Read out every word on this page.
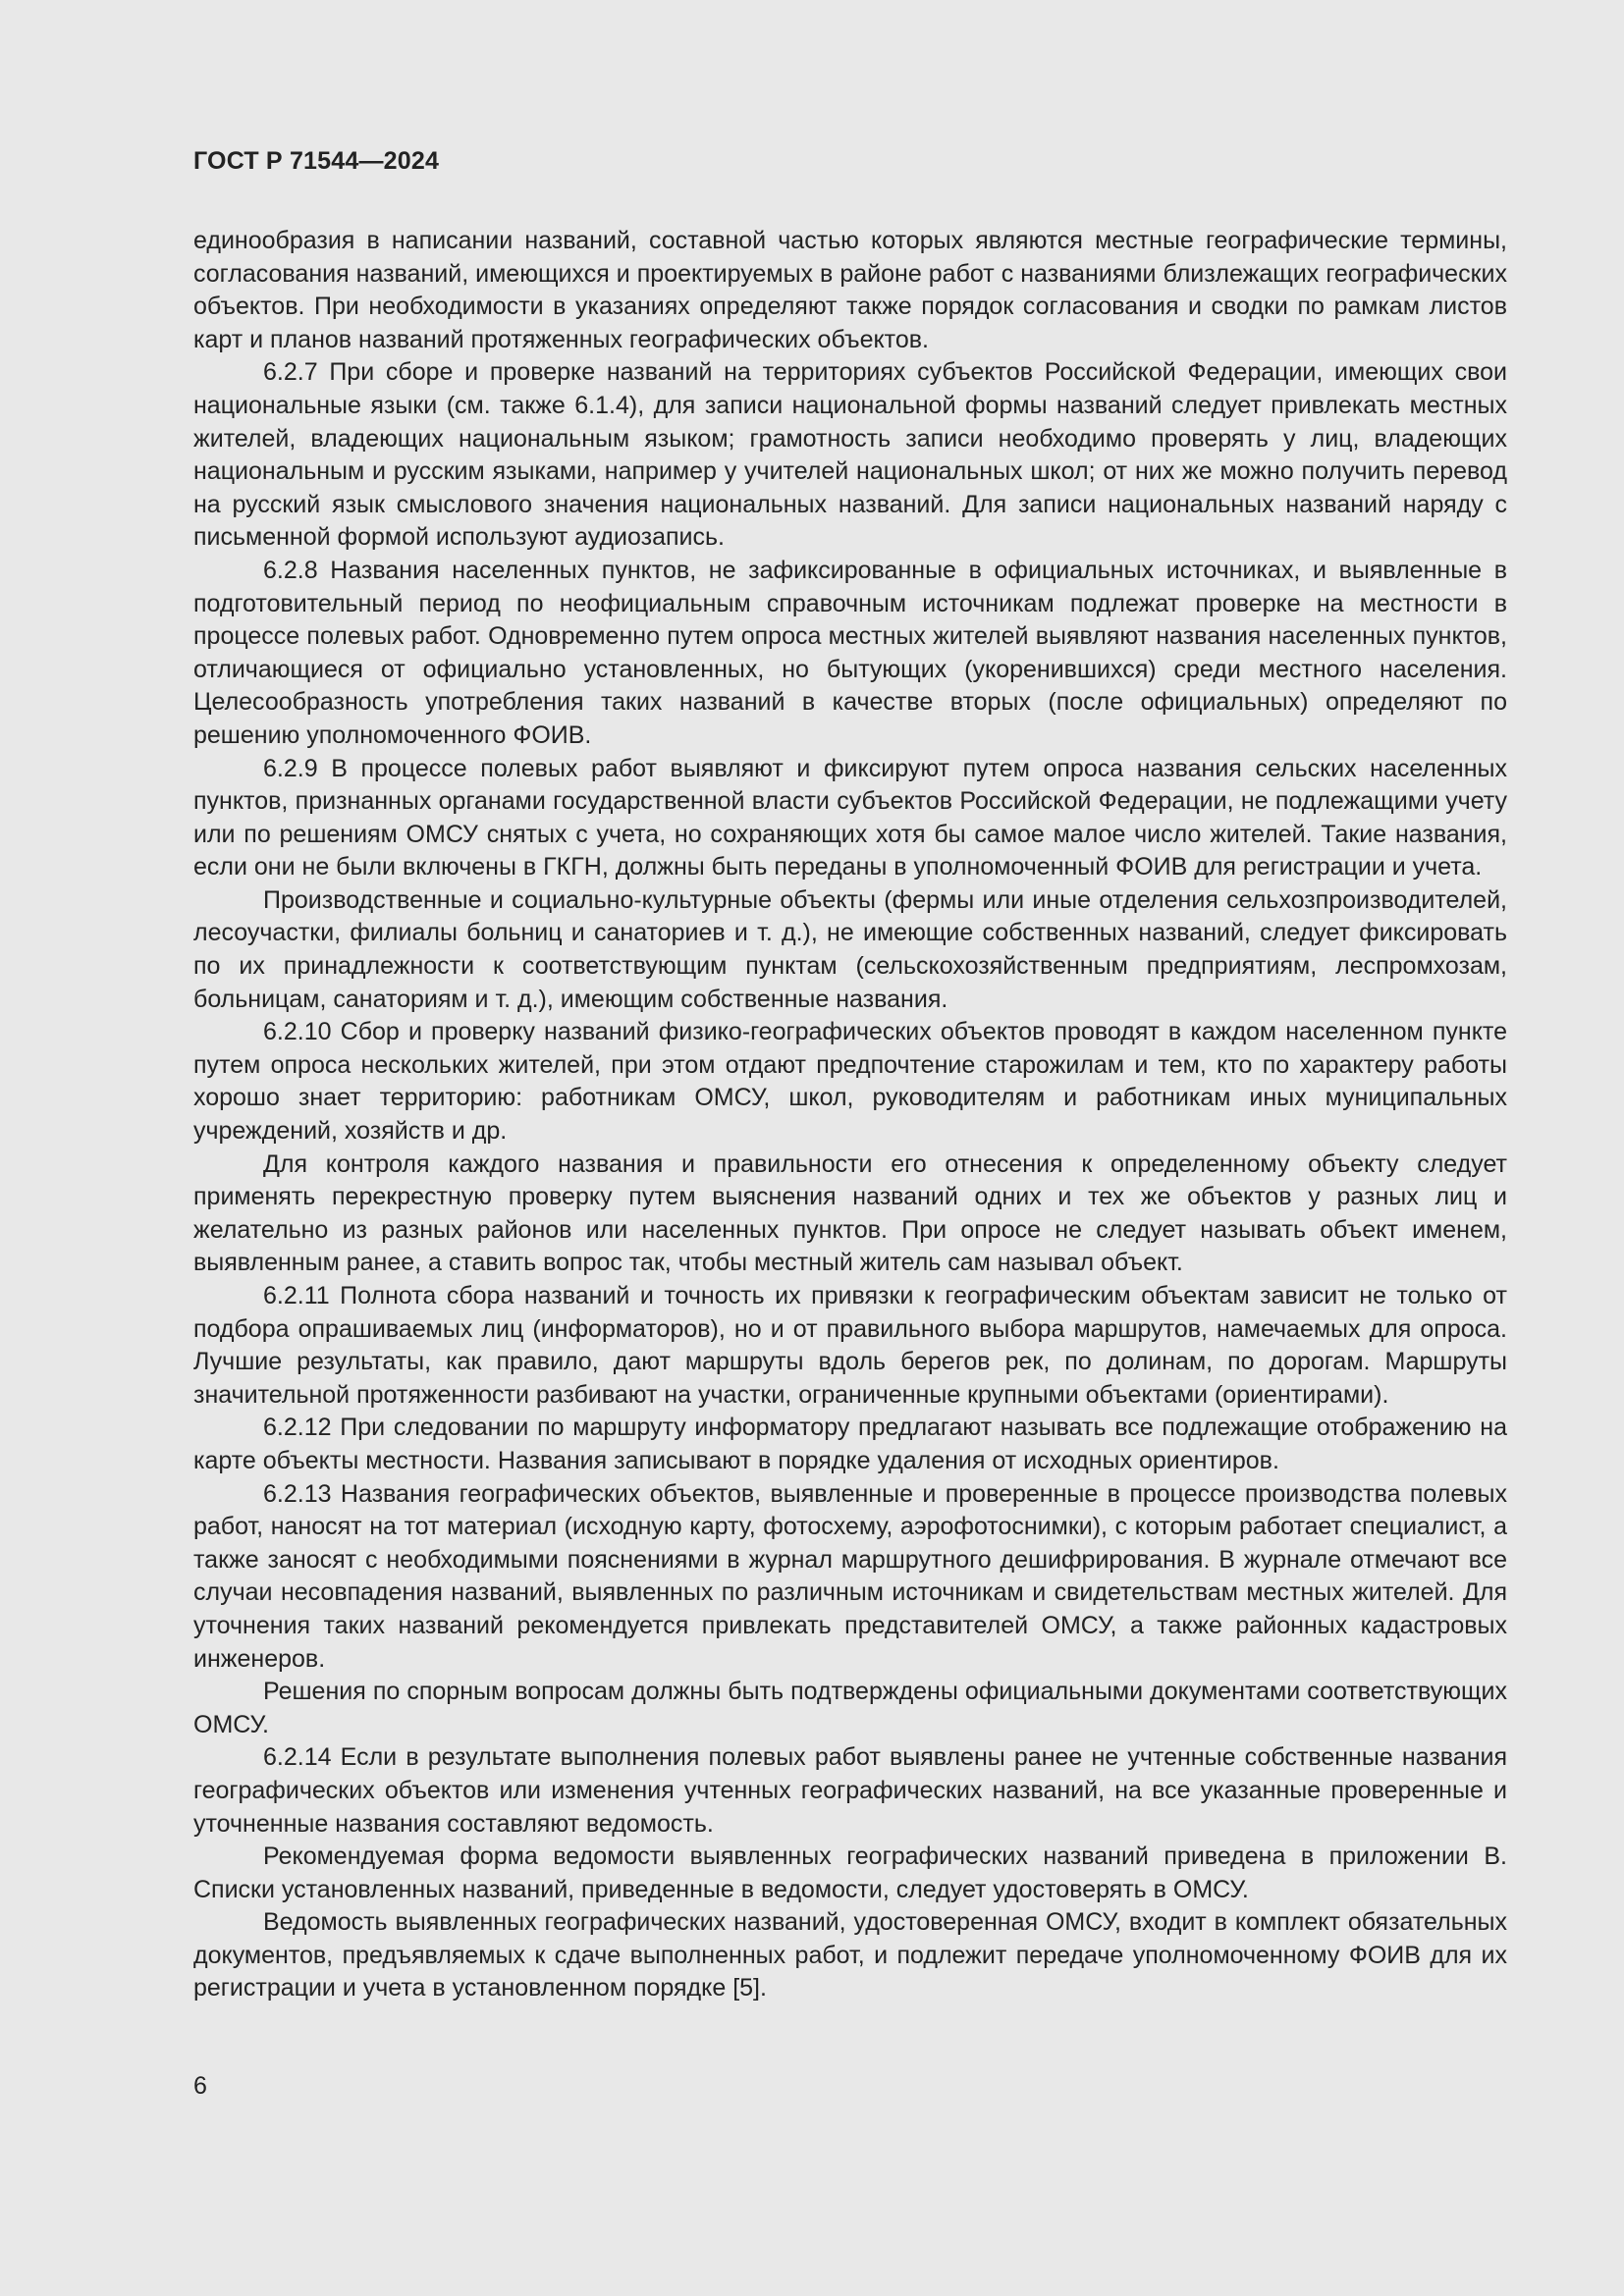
ГОСТ Р 71544—2024

единообразия в написании названий, составной частью которых являются местные географические термины, согласования названий, имеющихся и проектируемых в районе работ с названиями близлежащих географических объектов. При необходимости в указаниях определяют также порядок согласования и сводки по рамкам листов карт и планов названий протяженных географических объектов.

6.2.7 При сборе и проверке названий на территориях субъектов Российской Федерации, имеющих свои национальные языки (см. также 6.1.4), для записи национальной формы названий следует привлекать местных жителей, владеющих национальным языком; грамотность записи необходимо проверять у лиц, владеющих национальным и русским языками, например у учителей национальных школ; от них же можно получить перевод на русский язык смыслового значения национальных названий. Для записи национальных названий наряду с письменной формой используют аудиозапись.

6.2.8 Названия населенных пунктов, не зафиксированные в официальных источниках, и выявленные в подготовительный период по неофициальным справочным источникам подлежат проверке на местности в процессе полевых работ. Одновременно путем опроса местных жителей выявляют названия населенных пунктов, отличающиеся от официально установленных, но бытующих (укоренившихся) среди местного населения. Целесообразность употребления таких названий в качестве вторых (после официальных) определяют по решению уполномоченного ФОИВ.

6.2.9 В процессе полевых работ выявляют и фиксируют путем опроса названия сельских населенных пунктов, признанных органами государственной власти субъектов Российской Федерации, не подлежащими учету или по решениям ОМСУ снятых с учета, но сохраняющих хотя бы самое малое число жителей. Такие названия, если они не были включены в ГКГН, должны быть переданы в уполномоченный ФОИВ для регистрации и учета.

Производственные и социально-культурные объекты (фермы или иные отделения сельхозпроизводителей, лесоучастки, филиалы больниц и санаториев и т. д.), не имеющие собственных названий, следует фиксировать по их принадлежности к соответствующим пунктам (сельскохозяйственным предприятиям, леспромхозам, больницам, санаториям и т. д.), имеющим собственные названия.

6.2.10 Сбор и проверку названий физико-географических объектов проводят в каждом населенном пункте путем опроса нескольких жителей, при этом отдают предпочтение старожилам и тем, кто по характеру работы хорошо знает территорию: работникам ОМСУ, школ, руководителям и работникам иных муниципальных учреждений, хозяйств и др.

Для контроля каждого названия и правильности его отнесения к определенному объекту следует применять перекрестную проверку путем выяснения названий одних и тех же объектов у разных лиц и желательно из разных районов или населенных пунктов. При опросе не следует называть объект именем, выявленным ранее, а ставить вопрос так, чтобы местный житель сам называл объект.

6.2.11 Полнота сбора названий и точность их привязки к географическим объектам зависит не только от подбора опрашиваемых лиц (информаторов), но и от правильного выбора маршрутов, намечаемых для опроса. Лучшие результаты, как правило, дают маршруты вдоль берегов рек, по долинам, по дорогам. Маршруты значительной протяженности разбивают на участки, ограниченные крупными объектами (ориентирами).

6.2.12 При следовании по маршруту информатору предлагают называть все подлежащие отображению на карте объекты местности. Названия записывают в порядке удаления от исходных ориентиров.

6.2.13 Названия географических объектов, выявленные и проверенные в процессе производства полевых работ, наносят на тот материал (исходную карту, фотосхему, аэрофотоснимки), с которым работает специалист, а также заносят с необходимыми пояснениями в журнал маршрутного дешифрирования. В журнале отмечают все случаи несовпадения названий, выявленных по различным источникам и свидетельствам местных жителей. Для уточнения таких названий рекомендуется привлекать представителей ОМСУ, а также районных кадастровых инженеров.

Решения по спорным вопросам должны быть подтверждены официальными документами соответствующих ОМСУ.

6.2.14 Если в результате выполнения полевых работ выявлены ранее не учтенные собственные названия географических объектов или изменения учтенных географических названий, на все указанные проверенные и уточненные названия составляют ведомость.

Рекомендуемая форма ведомости выявленных географических названий приведена в приложении В. Списки установленных названий, приведенные в ведомости, следует удостоверять в ОМСУ.

Ведомость выявленных географических названий, удостоверенная ОМСУ, входит в комплект обязательных документов, предъявляемых к сдаче выполненных работ, и подлежит передаче уполномоченному ФОИВ для их регистрации и учета в установленном порядке [5].

6
